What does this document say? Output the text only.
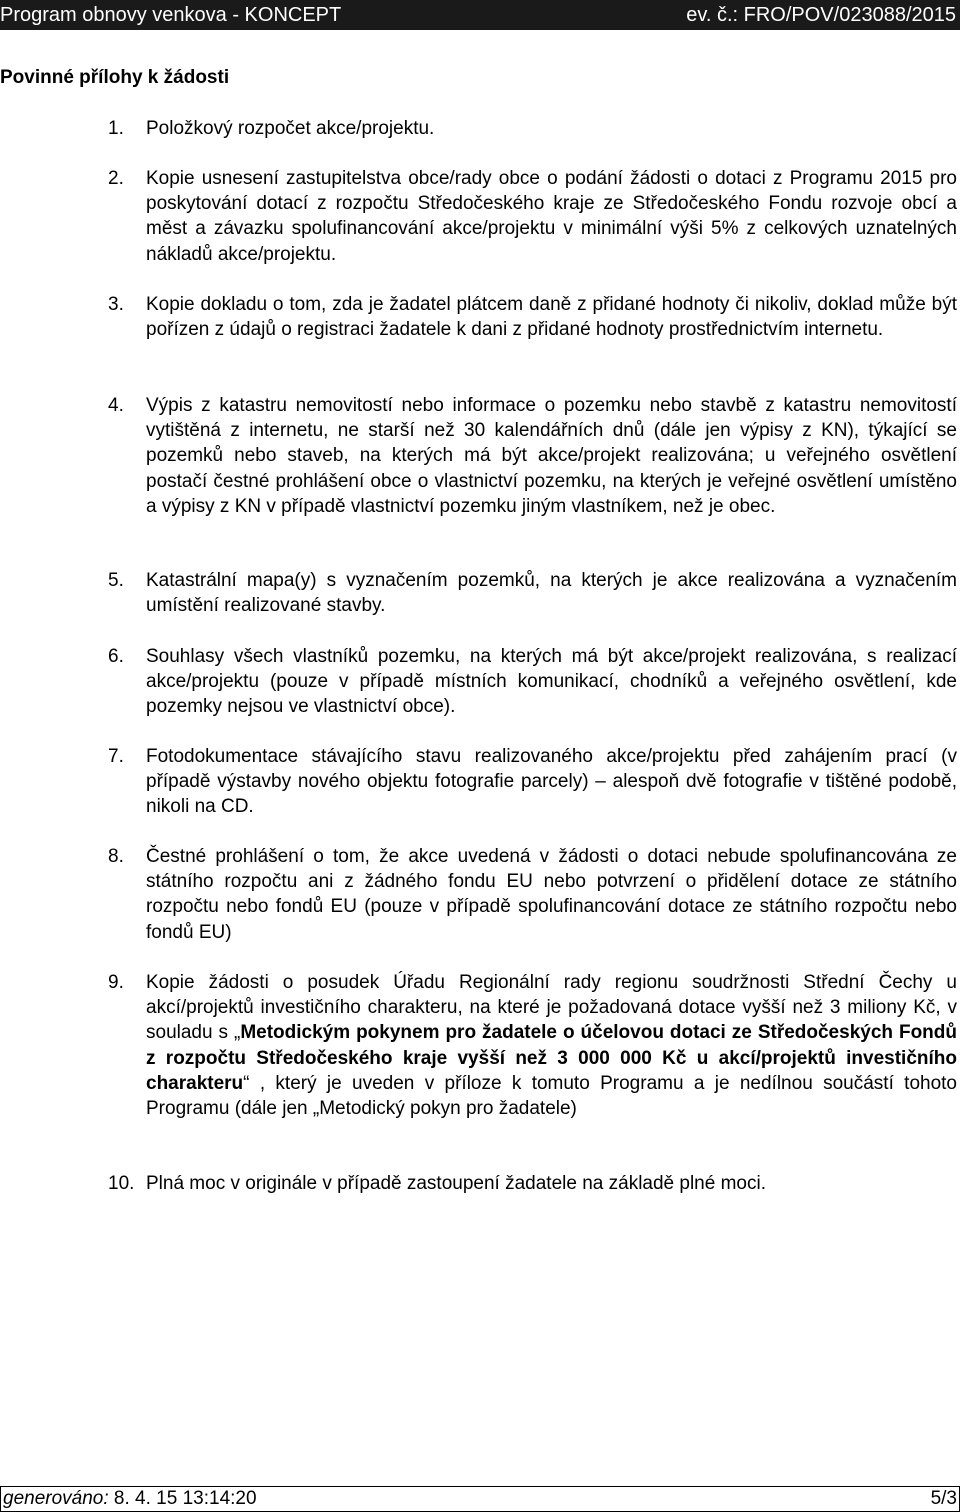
Program obnovy venkova - KONCEPT	ev. č.: FRO/POV/023088/2015
Povinné přílohy k žádosti
1.	Položkový rozpočet akce/projektu.
2.	Kopie usnesení zastupitelstva obce/rady obce o podání žádosti o dotaci z Programu 2015 pro poskytování dotací z rozpočtu Středočeského kraje ze Středočeského Fondu rozvoje obcí a měst a závazku spolufinancování akce/projektu v minimální výši 5% z celkových uznatelných nákladů akce/projektu.
3.	Kopie dokladu o tom, zda je žadatel plátcem daně z přidané hodnoty či nikoliv, doklad může být pořízen z údajů o registraci žadatele k dani z přidané hodnoty prostřednictvím internetu.
4.	Výpis z katastru nemovitostí nebo informace o pozemku nebo stavbě z katastru nemovitostí vytištěná z internetu, ne starší než 30 kalendářních dnů (dále jen výpisy z KN), týkající se pozemků nebo staveb, na kterých má být akce/projekt realizována; u veřejného osvětlení postačí čestné prohlášení obce o vlastnictví pozemku, na kterých je veřejné osvětlení umístěno a výpisy z KN v případě vlastnictví pozemku jiným vlastníkem, než je obec.
5.	Katastrální mapa(y) s vyznačením pozemků, na kterých je akce realizována a vyznačením umístění realizované stavby.
6.	Souhlasy všech vlastníků pozemku, na kterých má být akce/projekt realizována, s realizací akce/projektu (pouze v případě místních komunikací, chodníků a veřejného osvětlení, kde pozemky nejsou ve vlastnictví obce).
7.	Fotodokumentace stávajícího stavu realizovaného akce/projektu před zahájením prací (v případě výstavby nového objektu fotografie parcely) – alespoň dvě fotografie v tištěné podobě, nikoli na CD.
8.	Čestné prohlášení o tom, že akce uvedená v žádosti o dotaci nebude spolufinancována ze státního rozpočtu ani z žádného fondu EU nebo potvrzení o přidělení dotace ze státního rozpočtu nebo fondů EU (pouze v případě spolufinancování dotace ze státního rozpočtu nebo fondů EU)
9.	Kopie žádosti o posudek Úřadu Regionální rady regionu soudržnosti Střední Čechy u akcí/projektů investičního charakteru, na které je požadovaná dotace vyšší než 3 miliony Kč, v souladu s „Metodickým pokynem pro žadatele o účelovou dotaci ze Středočeských Fondů z rozpočtu Středočeského kraje vyšší než 3 000 000 Kč u akcí/projektů investičního charakteru“ , který je uveden v příloze k tomuto Programu a je nedílnou součástí tohoto Programu (dále jen „Metodický pokyn pro žadatele)
10. Plná moc v originále v případě zastoupení žadatele na základě plné moci.
generováno: 8. 4. 15 13:14:20	5/3
